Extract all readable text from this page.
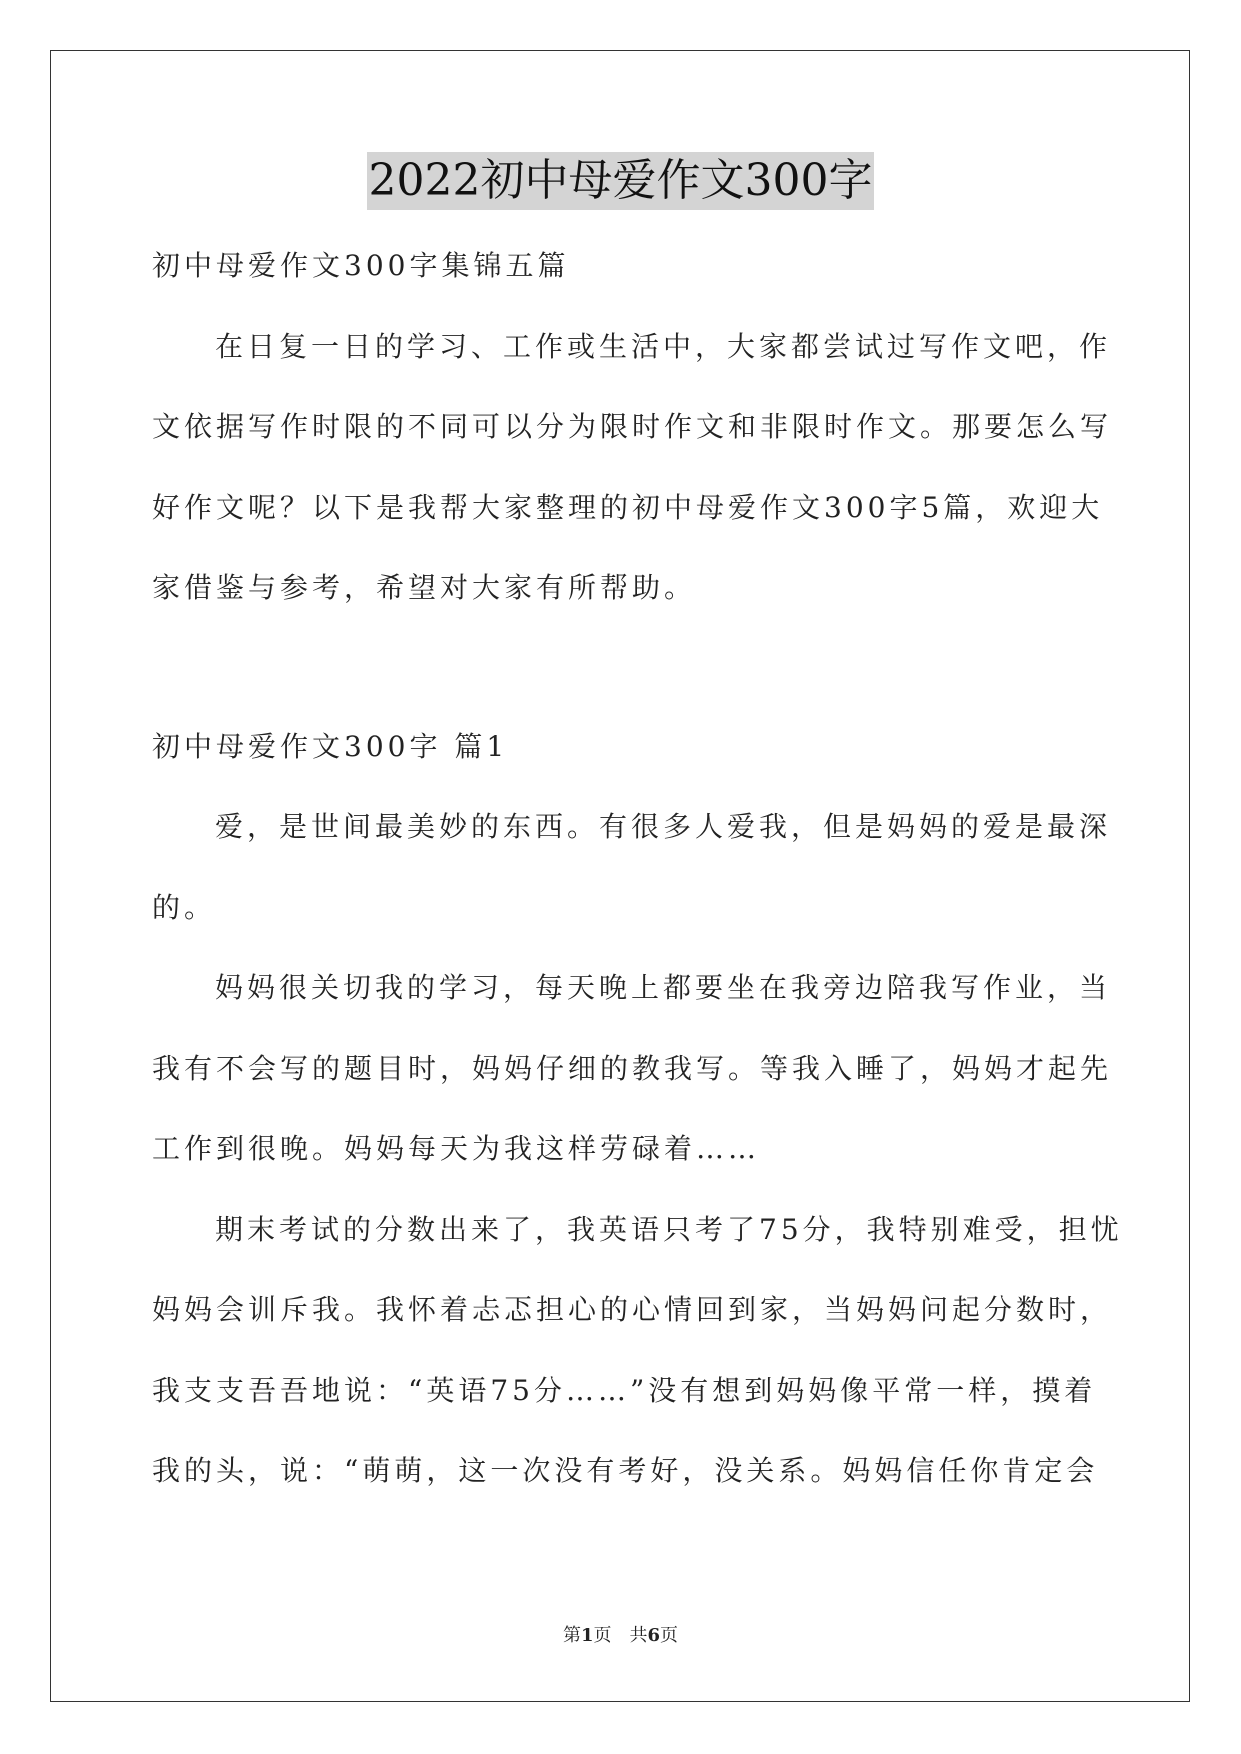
2022初中母爱作文300字
初中母爱作文300字集锦五篇
在日复一日的学习、工作或生活中，大家都尝试过写作文吧，作
文依据写作时限的不同可以分为限时作文和非限时作文。那要怎么写
好作文呢？以下是我帮大家整理的初中母爱作文300字5篇，欢迎大
家借鉴与参考，希望对大家有所帮助。
初中母爱作文300字 篇1
爱，是世间最美妙的东西。有很多人爱我，但是妈妈的爱是最深
的。
妈妈很关切我的学习，每天晚上都要坐在我旁边陪我写作业，当
我有不会写的题目时，妈妈仔细的教我写。等我入睡了，妈妈才起先
工作到很晚。妈妈每天为我这样劳碌着……
期末考试的分数出来了，我英语只考了75分，我特别难受，担忧
妈妈会训斥我。我怀着忐忑担心的心情回到家，当妈妈问起分数时，
我支支吾吾地说：“英语75分……”没有想到妈妈像平常一样，摸着
我的头，说：“萌萌，这一次没有考好，没关系。妈妈信任你肯定会
第1页 共6页
